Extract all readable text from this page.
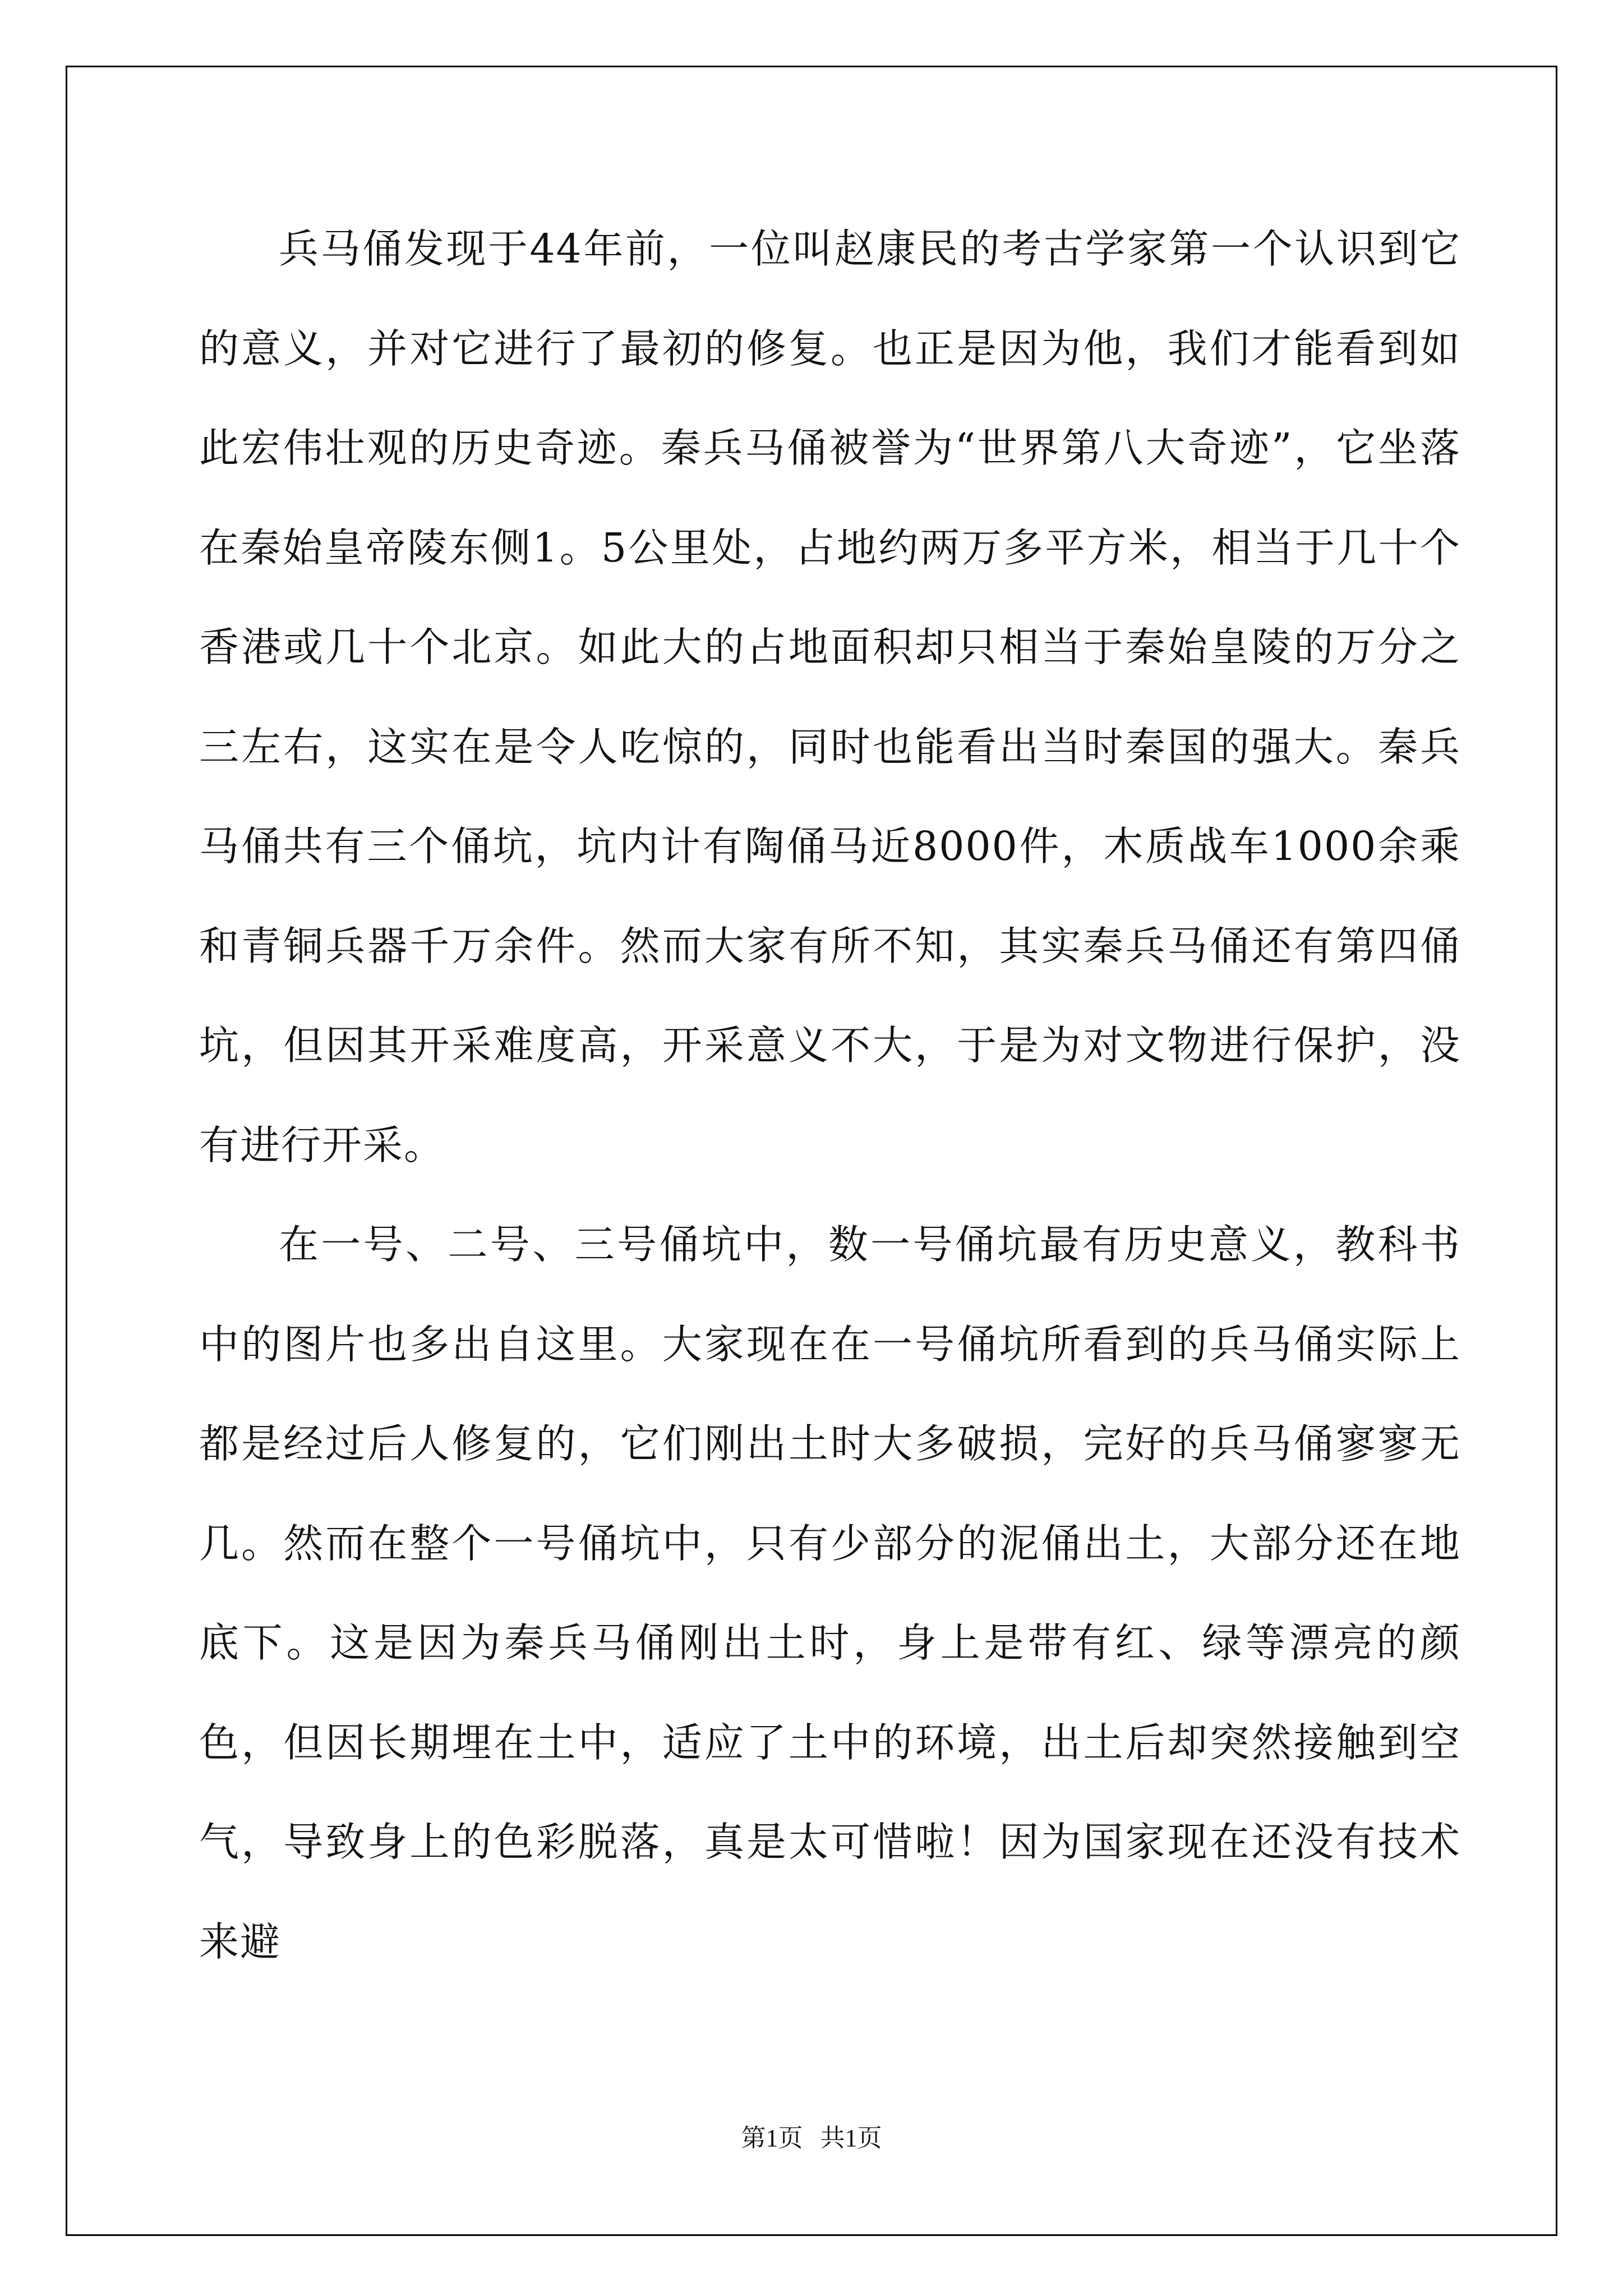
兵马俑发现于44年前，一位叫赵康民的考古学家第一个认识到它的意义，并对它进行了最初的修复。也正是因为他，我们才能看到如此宏伟壮观的历史奇迹。秦兵马俑被誉为“世界第八大奇迹”，它坐落在秦始皇帝陵东侧1。5公里处，占地约两万多平方米，相当于几十个香港或几十个北京。如此大的占地面积却只相当于秦始皇陵的万分之三左右，这实在是令人吃惊的，同时也能看出当时秦国的强大。秦兵马俑共有三个俑坑，坑内计有陶俑马近8000件，木质战车1000余乘和青铜兵器千万余件。然而大家有所不知，其实秦兵马俑还有第四俑坑，但因其开采难度高，开采意义不大，于是为对文物进行保护，没有进行开采。

在一号、二号、三号俑坑中，数一号俑坑最有历史意义，教科书中的图片也多出自这里。大家现在在一号俑坑所看到的兵马俑实际上都是经过后人修复的，它们刚出土时大多破损，完好的兵马俑寥寥无几。然而在整个一号俑坑中，只有少部分的泥俑出土，大部分还在地底下。这是因为秦兵马俑刚出土时，身上是带有红、绿等漂亮的颜色，但因长期埋在土中，适应了土中的环境，出土后却突然接触到空气，导致身上的色彩脱落，真是太可惜啦！因为国家现在还没有技术来避

第1页 共1页
